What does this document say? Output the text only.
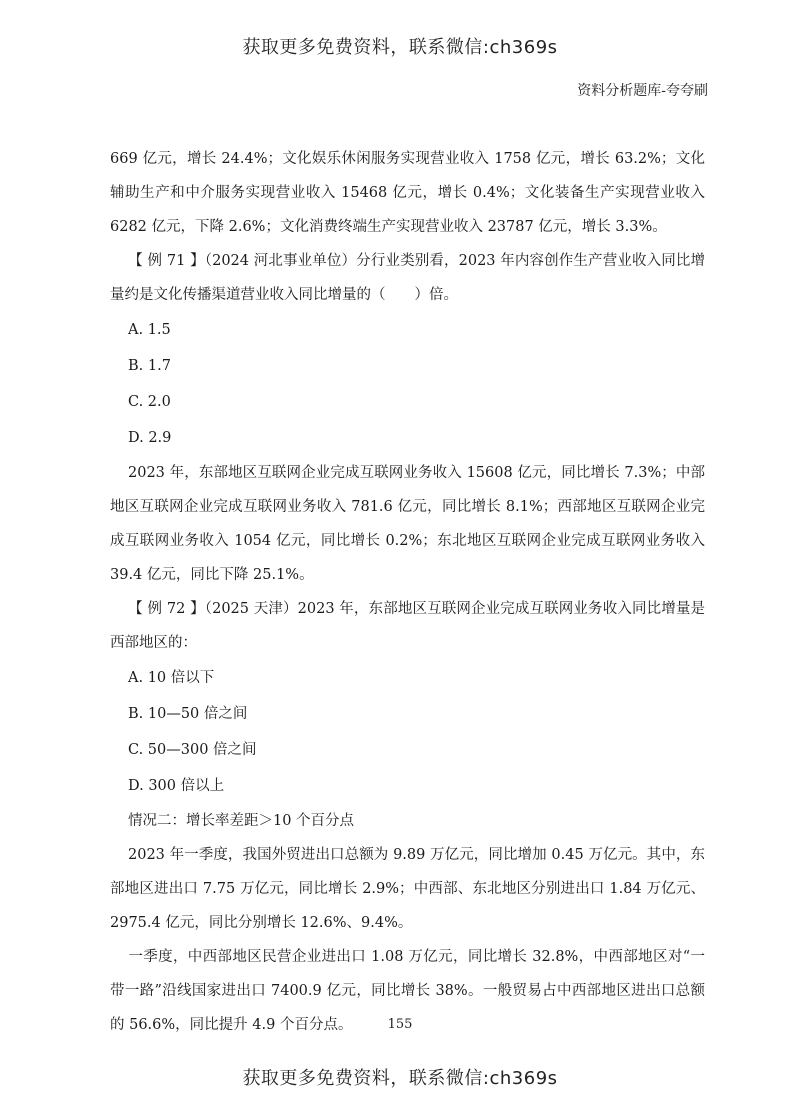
获取更多免费资料，联系微信:ch369s
资料分析题库-夸夸刷

669 亿元，增长 24.4%；文化娱乐休闲服务实现营业收入 1758 亿元，增长 63.2%；文化辅助生产和中介服务实现营业收入 15468 亿元，增长 0.4%；文化装备生产实现营业收入 6282 亿元，下降 2.6%；文化消费终端生产实现营业收入 23787 亿元，增长 3.3%。

【 例 71 】（2024 河北事业单位）分行业类别看，2023 年内容创作生产营业收入同比增量约是文化传播渠道营业收入同比增量的（　　）倍。

A. 1.5

B. 1.7

C. 2.0

D. 2.9

2023 年，东部地区互联网企业完成互联网业务收入 15608 亿元，同比增长 7.3%；中部地区互联网企业完成互联网业务收入 781.6 亿元，同比增长 8.1%；西部地区互联网企业完成互联网业务收入 1054 亿元，同比增长 0.2%；东北地区互联网企业完成互联网业务收入 39.4 亿元，同比下降 25.1%。

【 例 72 】（2025 天津）2023 年，东部地区互联网企业完成互联网业务收入同比增量是西部地区的：

A. 10 倍以下

B. 10—50 倍之间

C. 50—300 倍之间

D. 300 倍以上

情况二：增长率差距＞10 个百分点

2023 年一季度，我国外贸进出口总额为 9.89 万亿元，同比增加 0.45 万亿元。其中，东部地区进出口 7.75 万亿元，同比增长 2.9%；中西部、东北地区分别进出口 1.84 万亿元、2975.4 亿元，同比分别增长 12.6%、9.4%。

一季度，中西部地区民营企业进出口 1.08 万亿元，同比增长 32.8%，中西部地区对“一带一路”沿线国家进出口 7400.9 亿元，同比增长 38%。一般贸易占中西部地区进出口总额的 56.6%，同比提升 4.9 个百分点。	155
获取更多免费资料，联系微信:ch369s
